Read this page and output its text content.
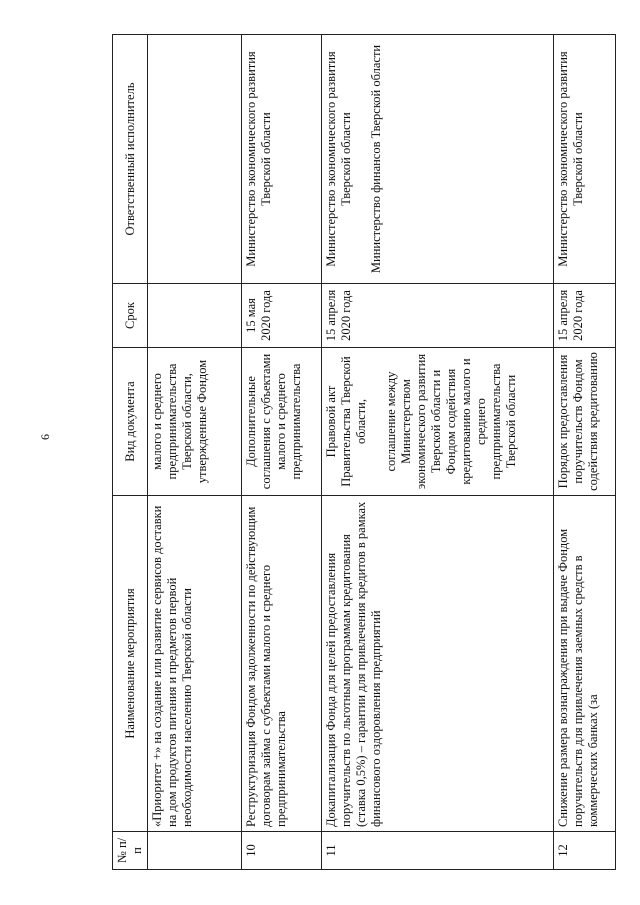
6
№ п/п	Наименование мероприятия	Вид документа	Срок	Ответственный исполнитель
	«Приоритет +» на создание или развитие сервисов доставки на дом продуктов питания и предметов первой необходимости населению Тверской области	малого и среднего предпринимательства Тверской области, утвержденные Фондом		

10	Реструктуризация Фондом задолженности по действующим договорам займа с субъектами малого и среднего предпринимательства	Дополнительные соглашения с субъектами малого и среднего предпринимательства	15 мая 2020 года	Министерство экономического развития Тверской области

11	Докапитализация Фонда для целей предоставления поручительств по льготным программам кредитования (ставка 0,5%) – гарантии для привлечения кредитов в рамках финансового оздоровления предприятий	Правовой акт Правительства Тверской области, соглашение между Министерством экономического развития Тверской области и Фондом содействия кредитованию малого и среднего предпринимательства Тверской области	15 апреля 2020 года	Министерство экономического развития Тверской области Министерство финансов Тверской области

12	Снижение размера вознаграждения при выдаче Фондом поручительств для привлечения заемных средств в коммерческих банках (за	Порядок предоставления поручительств Фондом содействия кредитованию	15 апреля 2020 года	Министерство экономического развития Тверской области
